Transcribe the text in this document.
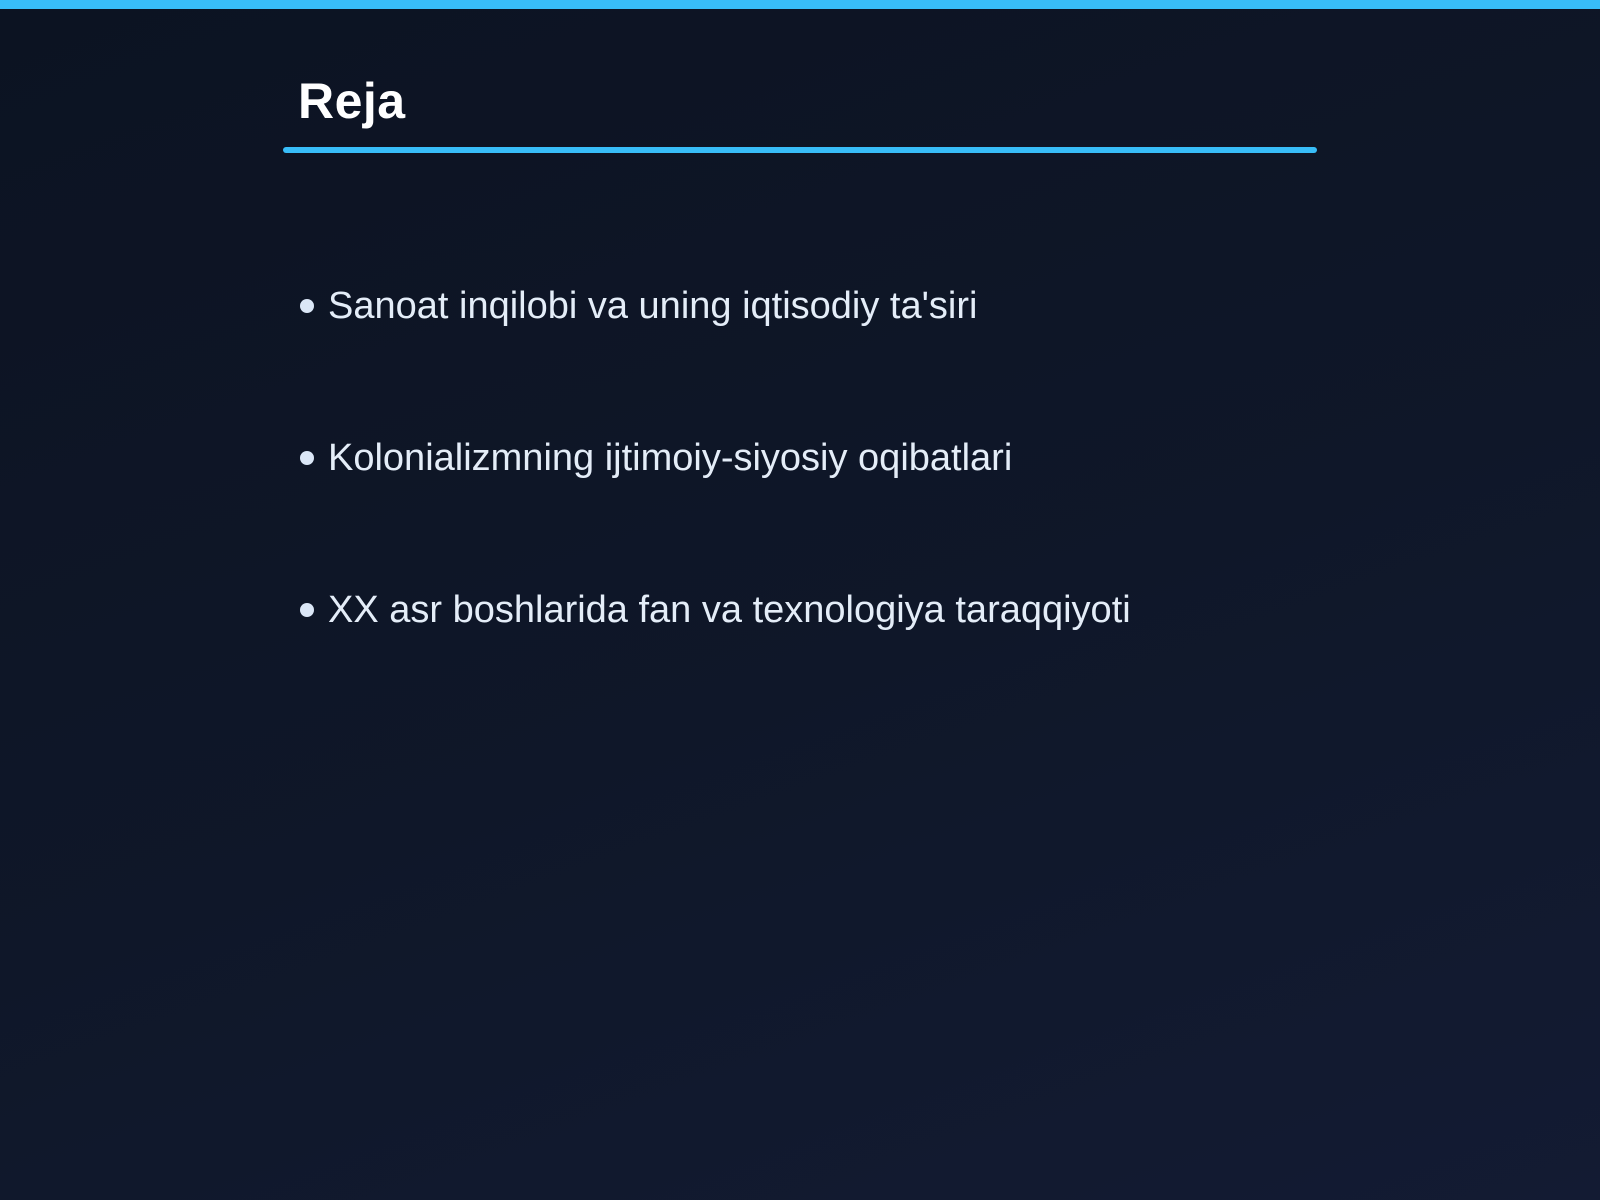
Reja
Sanoat inqilobi va uning iqtisodiy ta'siri
Kolonializmning ijtimoiy-siyosiy oqibatlari
XX asr boshlarida fan va texnologiya taraqqiyoti
